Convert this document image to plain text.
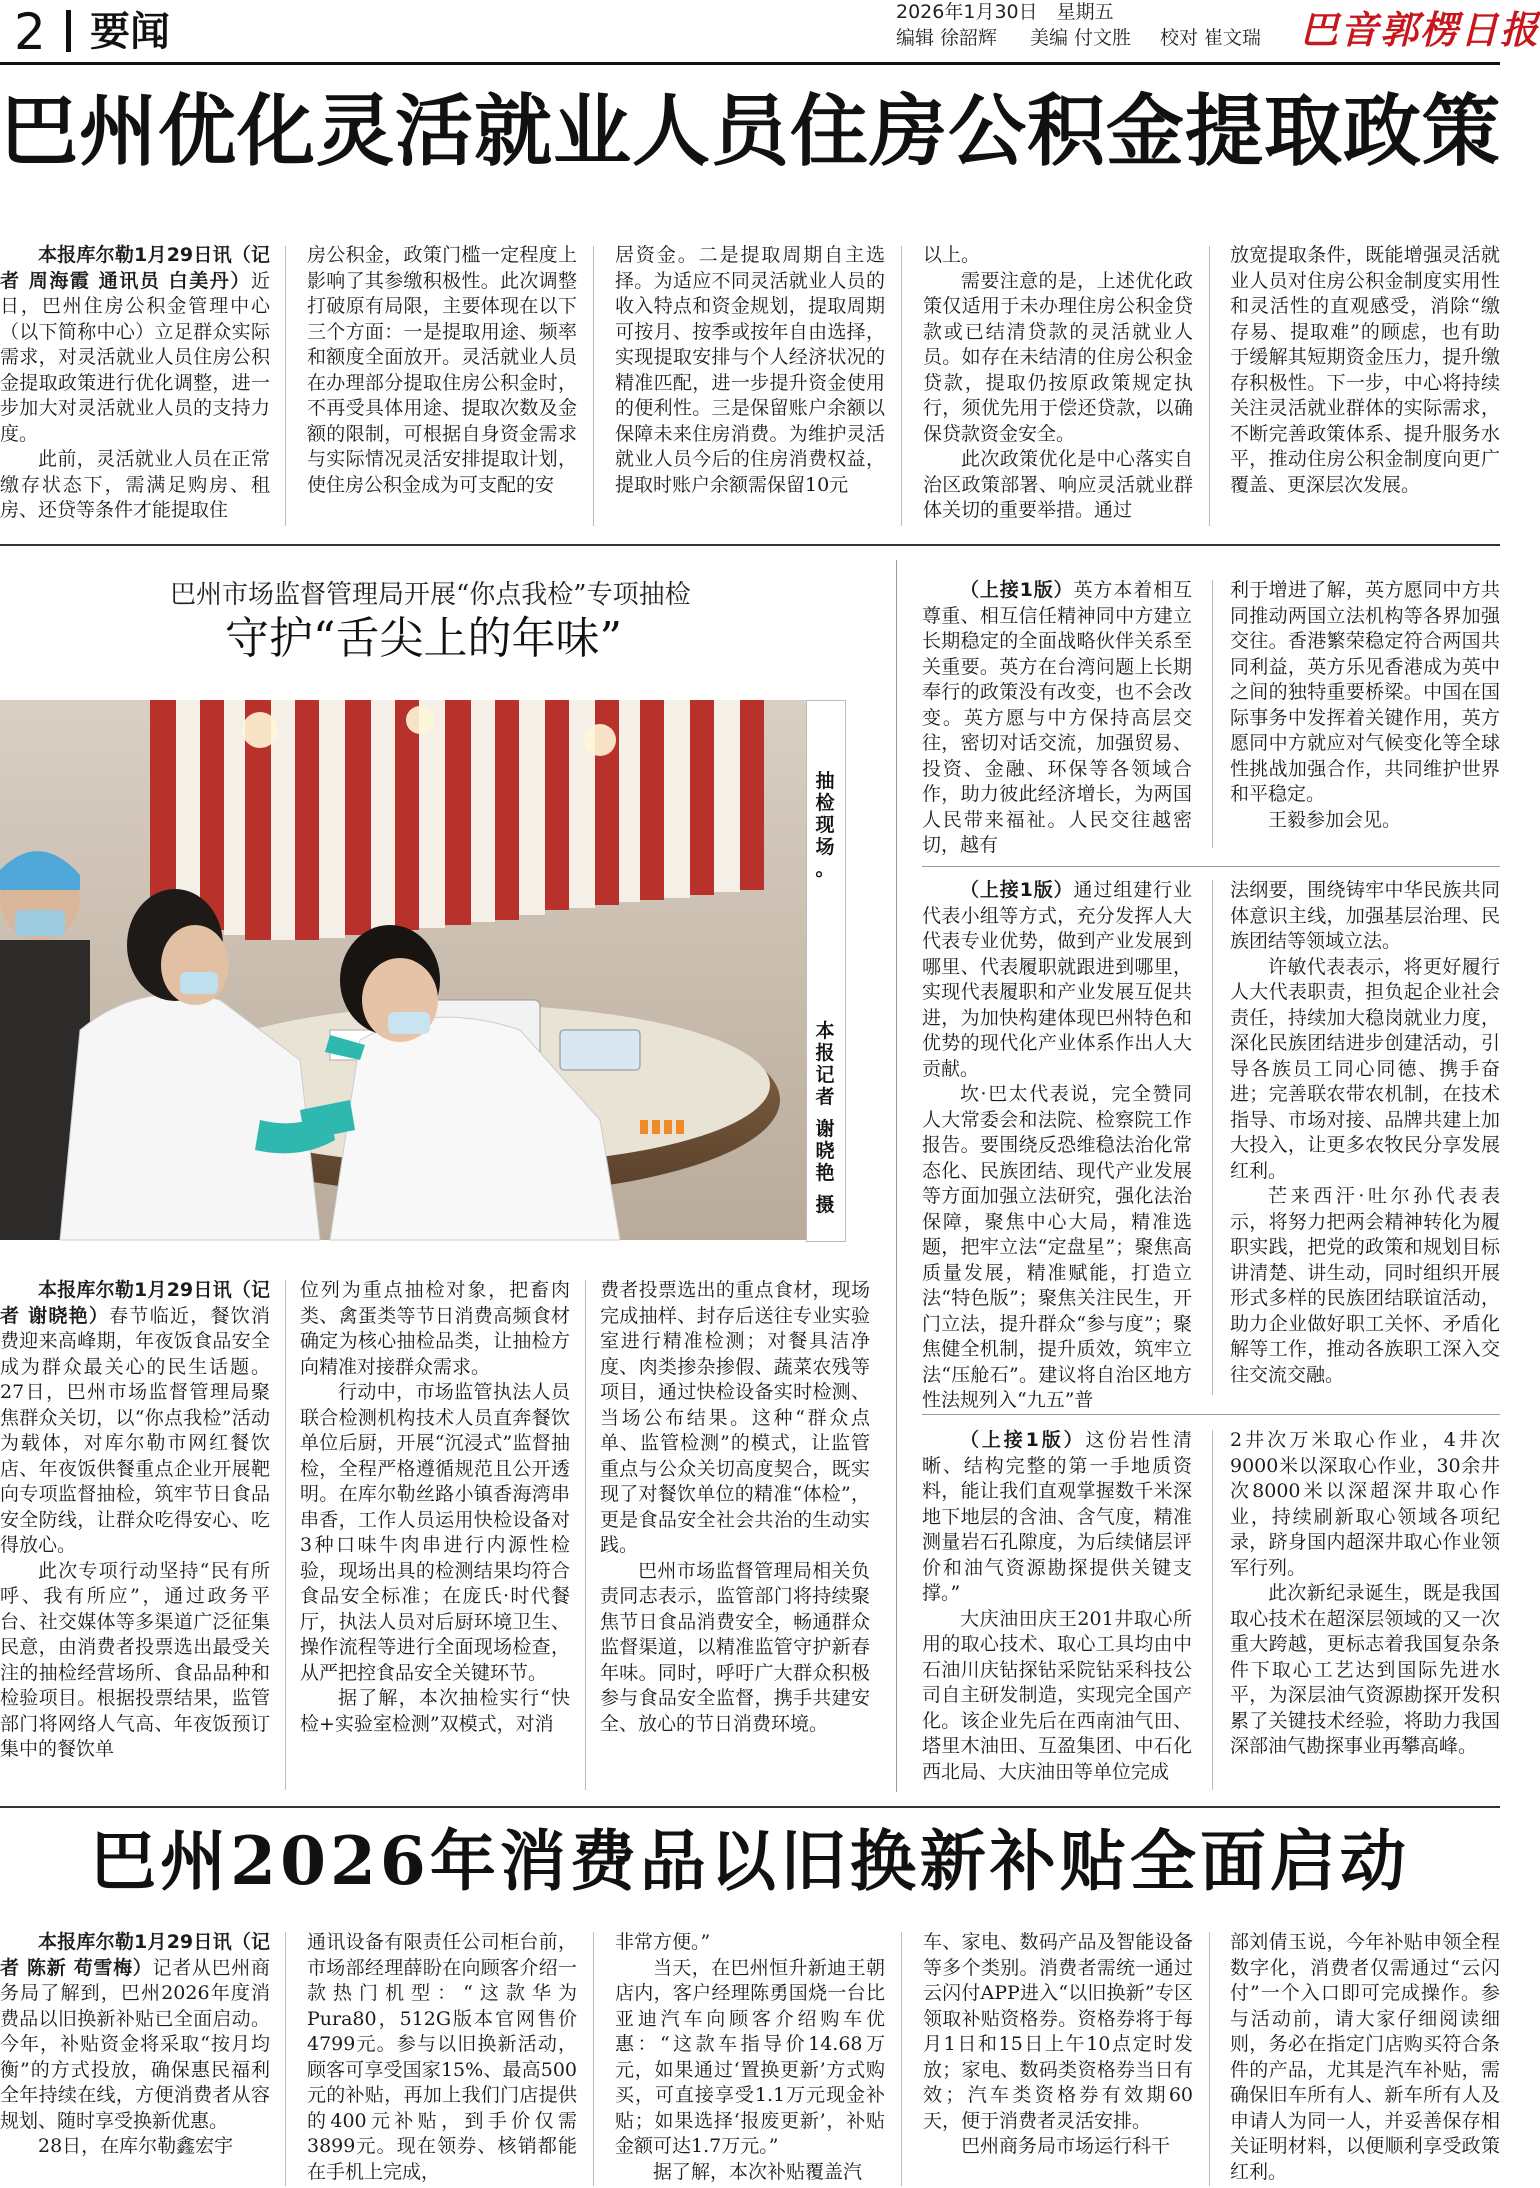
2 要闻	2026年1月30日　星期五
编辑 徐韶辉 美编 付文胜 校对 崔文瑞 巴音郭楞日报
巴州优化灵活就业人员住房公积金提取政策

本报库尔勒1月29日讯（记者 周海霞 通讯员 白美丹）近日，巴州住房公积金管理中心（以下简称中心）立足群众实际需求，对灵活就业人员住房公积金提取政策进行优化调整，进一步加大对灵活就业人员的支持力度。

此前，灵活就业人员在正常缴存状态下，需满足购房、租房、还贷等条件才能提取住

房公积金，政策门槛一定程度上影响了其参缴积极性。此次调整打破原有局限，主要体现在以下三个方面：一是提取用途、频率和额度全面放开。灵活就业人员在办理部分提取住房公积金时，不再受具体用途、提取次数及金额的限制，可根据自身资金需求与实际情况灵活安排提取计划，使住房公积金成为可支配的安

居资金。二是提取周期自主选择。为适应不同灵活就业人员的收入特点和资金规划，提取周期可按月、按季或按年自由选择，实现提取安排与个人经济状况的精准匹配，进一步提升资金使用的便利性。三是保留账户余额以保障未来住房消费。为维护灵活就业人员今后的住房消费权益，提取时账户余额需保留10元

以上。

需要注意的是，上述优化政策仅适用于未办理住房公积金贷款或已结清贷款的灵活就业人员。如存在未结清的住房公积金贷款，提取仍按原政策规定执行，须优先用于偿还贷款，以确保贷款资金安全。

此次政策优化是中心落实自治区政策部署、响应灵活就业群体关切的重要举措。通过

放宽提取条件，既能增强灵活就业人员对住房公积金制度实用性和灵活性的直观感受，消除“缴存易、提取难”的顾虑，也有助于缓解其短期资金压力，提升缴存积极性。下一步，中心将持续关注灵活就业群体的实际需求，不断完善政策体系、提升服务水平，推动住房公积金制度向更广覆盖、更深层次发展。

巴州市场监督管理局开展“你点我检”专项抽检
守护“舌尖上的年味”
抽
检
现
场
。
本
报
记
者
谢
晓
艳
摄

本报库尔勒1月29日讯（记者 谢晓艳）春节临近，餐饮消费迎来高峰期，年夜饭食品安全成为群众最关心的民生话题。27日，巴州市场监督管理局聚焦群众关切，以“你点我检”活动为载体，对库尔勒市网红餐饮店、年夜饭供餐重点企业开展靶向专项监督抽检，筑牢节日食品安全防线，让群众吃得安心、吃得放心。

此次专项行动坚持“民有所呼、我有所应”，通过政务平台、社交媒体等多渠道广泛征集民意，由消费者投票选出最受关注的抽检经营场所、食品品种和检验项目。根据投票结果，监管部门将网络人气高、年夜饭预订集中的餐饮单

位列为重点抽检对象，把畜肉类、禽蛋类等节日消费高频食材确定为核心抽检品类，让抽检方向精准对接群众需求。

行动中，市场监管执法人员联合检测机构技术人员直奔餐饮单位后厨，开展“沉浸式”监督抽检，全程严格遵循规范且公开透明。在库尔勒丝路小镇香海湾串串香，工作人员运用快检设备对3种口味牛肉串进行内源性检验，现场出具的检测结果均符合食品安全标准；在庞氏·时代餐厅，执法人员对后厨环境卫生、操作流程等进行全面现场检查，从严把控食品安全关键环节。

据了解，本次抽检实行“快检+实验室检测”双模式，对消

费者投票选出的重点食材，现场完成抽样、封存后送往专业实验室进行精准检测；对餐具洁净度、肉类掺杂掺假、蔬菜农残等项目，通过快检设备实时检测、当场公布结果。这种“群众点单、监管检测”的模式，让监管重点与公众关切高度契合，既实现了对餐饮单位的精准“体检”，更是食品安全社会共治的生动实践。

巴州市场监督管理局相关负责同志表示，监管部门将持续聚焦节日食品消费安全，畅通群众监督渠道，以精准监管守护新春年味。同时，呼吁广大群众积极参与食品安全监督，携手共建安全、放心的节日消费环境。

（上接1版）英方本着相互尊重、相互信任精神同中方建立长期稳定的全面战略伙伴关系至关重要。英方在台湾问题上长期奉行的政策没有改变，也不会改变。英方愿与中方保持高层交往，密切对话交流，加强贸易、投资、金融、环保等各领域合作，助力彼此经济增长，为两国人民带来福祉。人民交往越密切，越有

利于增进了解，英方愿同中方共同推动两国立法机构等各界加强交往。香港繁荣稳定符合两国共同利益，英方乐见香港成为英中之间的独特重要桥梁。中国在国际事务中发挥着关键作用，英方愿同中方就应对气候变化等全球性挑战加强合作，共同维护世界和平稳定。

王毅参加会见。

（上接1版）通过组建行业代表小组等方式，充分发挥人大代表专业优势，做到产业发展到哪里、代表履职就跟进到哪里，实现代表履职和产业发展互促共进，为加快构建体现巴州特色和优势的现代化产业体系作出人大贡献。

坎·巴太代表说，完全赞同人大常委会和法院、检察院工作报告。要围绕反恐维稳法治化常态化、民族团结、现代产业发展等方面加强立法研究，强化法治保障，聚焦中心大局，精准选题，把牢立法“定盘星”；聚焦高质量发展，精准赋能，打造立法“特色版”；聚焦关注民生，开门立法，提升群众“参与度”；聚焦健全机制，提升质效，筑牢立法“压舱石”。建议将自治区地方性法规列入“九五”普

法纲要，围绕铸牢中华民族共同体意识主线，加强基层治理、民族团结等领域立法。

许敏代表表示，将更好履行人大代表职责，担负起企业社会责任，持续加大稳岗就业力度，深化民族团结进步创建活动，引导各族员工同心同德、携手奋进；完善联农带农机制，在技术指导、市场对接、品牌共建上加大投入，让更多农牧民分享发展红利。

芒来西汗·吐尔孙代表表示，将努力把两会精神转化为履职实践，把党的政策和规划目标讲清楚、讲生动，同时组织开展形式多样的民族团结联谊活动，助力企业做好职工关怀、矛盾化解等工作，推动各族职工深入交往交流交融。

（上接1版）这份岩性清晰、结构完整的第一手地质资料，能让我们直观掌握数千米深地下地层的含油、含气度，精准测量岩石孔隙度，为后续储层评价和油气资源勘探提供关键支撑。”

大庆油田庆王201井取心所用的取心技术、取心工具均由中石油川庆钻探钻采院钻采科技公司自主研发制造，实现完全国产化。该企业先后在西南油气田、塔里木油田、互盈集团、中石化西北局、大庆油田等单位完成

2井次万米取心作业，4井次9000米以深取心作业，30余井次8000米以深超深井取心作业，持续刷新取心领域各项纪录，跻身国内超深井取心作业领军行列。

此次新纪录诞生，既是我国取心技术在超深层领域的又一次重大跨越，更标志着我国复杂条件下取心工艺达到国际先进水平，为深层油气资源勘探开发积累了关键技术经验，将助力我国深部油气勘探事业再攀高峰。

巴州2026年消费品以旧换新补贴全面启动

本报库尔勒1月29日讯（记者 陈新 苟雪梅）记者从巴州商务局了解到，巴州2026年度消费品以旧换新补贴已全面启动。今年，补贴资金将采取“按月均衡”的方式投放，确保惠民福利全年持续在线，方便消费者从容规划、随时享受换新优惠。

28日，在库尔勒鑫宏宇

通讯设备有限责任公司柜台前，市场部经理薛盼在向顾客介绍一款热门机型：“这款华为Pura80，512G版本官网售价4799元。参与以旧换新活动，顾客可享受国家15%、最高500元的补贴，再加上我们门店提供的400元补贴，到手价仅需3899元。现在领券、核销都能在手机上完成，

非常方便。”

当天，在巴州恒升新迪王朝店内，客户经理陈勇国烧一台比亚迪汽车向顾客介绍购车优惠：“这款车指导价14.68万元，如果通过‘置换更新’方式购买，可直接享受1.1万元现金补贴；如果选择‘报废更新’，补贴金额可达1.7万元。”

据了解，本次补贴覆盖汽

车、家电、数码产品及智能设备等多个类别。消费者需统一通过云闪付APP进入“以旧换新”专区领取补贴资格券。资格券将于每月1日和15日上午10点定时发放；家电、数码类资格券当日有效；汽车类资格券有效期60天，便于消费者灵活安排。

巴州商务局市场运行科干

部刘倩玉说，今年补贴申领全程数字化，消费者仅需通过“云闪付”一个入口即可完成操作。参与活动前，请大家仔细阅读细则，务必在指定门店购买符合条件的产品，尤其是汽车补贴，需确保旧车所有人、新车所有人及申请人为同一人，并妥善保存相关证明材料，以便顺利享受政策红利。
